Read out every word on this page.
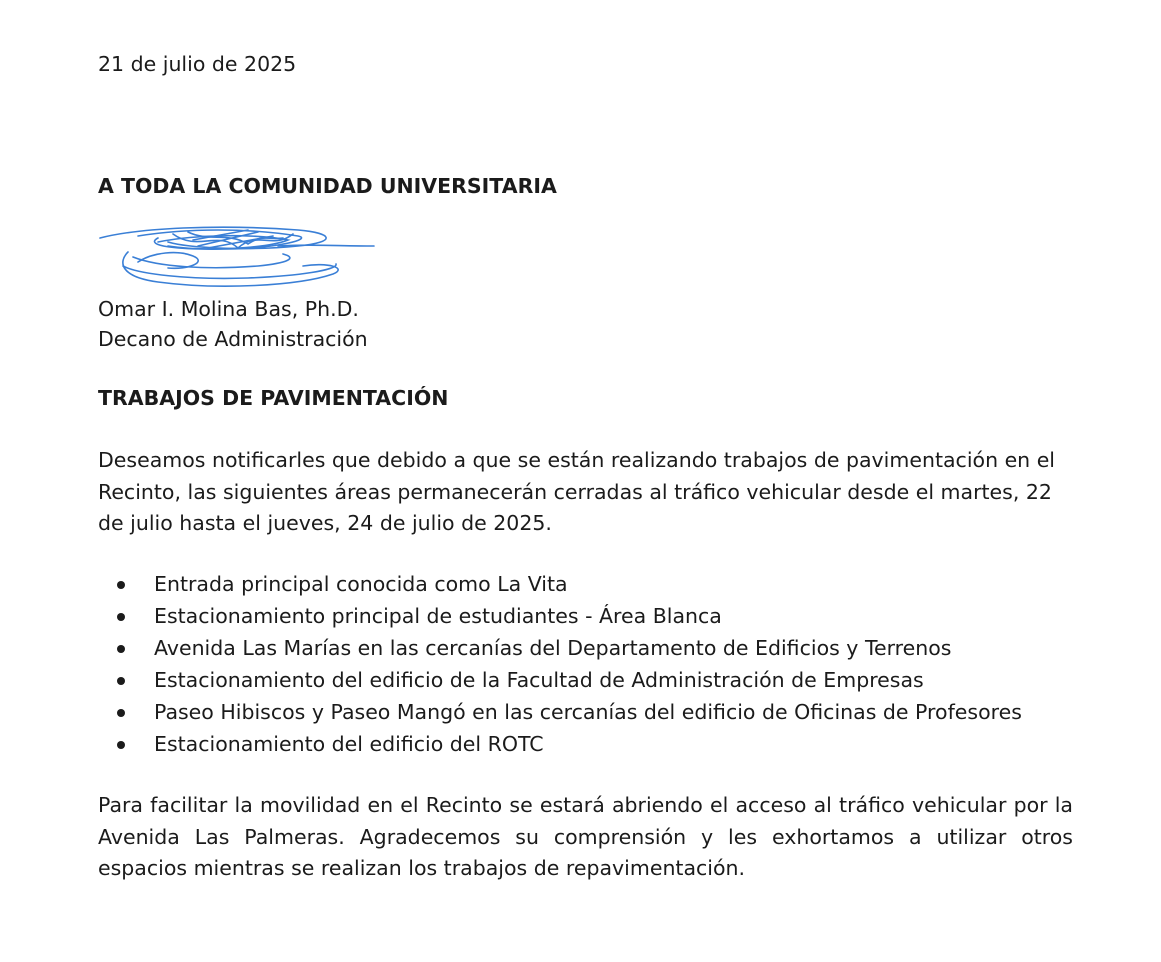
21 de julio de 2025
A TODA LA COMUNIDAD UNIVERSITARIA
Omar I. Molina Bas, Ph.D.
Decano de Administración
TRABAJOS DE PAVIMENTACIÓN
Deseamos notificarles que debido a que se están realizando trabajos de pavimentación en el Recinto, las siguientes áreas permanecerán cerradas al tráfico vehicular desde el martes, 22 de julio hasta el jueves, 24 de julio de 2025.
Entrada principal conocida como La Vita
Estacionamiento principal de estudiantes - Área Blanca
Avenida Las Marías en las cercanías del Departamento de Edificios y Terrenos
Estacionamiento del edificio de la Facultad de Administración de Empresas
Paseo Hibiscos y Paseo Mangó en las cercanías del edificio de Oficinas de Profesores
Estacionamiento del edificio del ROTC
Para facilitar la movilidad en el Recinto se estará abriendo el acceso al tráfico vehicular por la Avenida Las Palmeras. Agradecemos su comprensión y les exhortamos a utilizar otros espacios mientras se realizan los trabajos de repavimentación.
